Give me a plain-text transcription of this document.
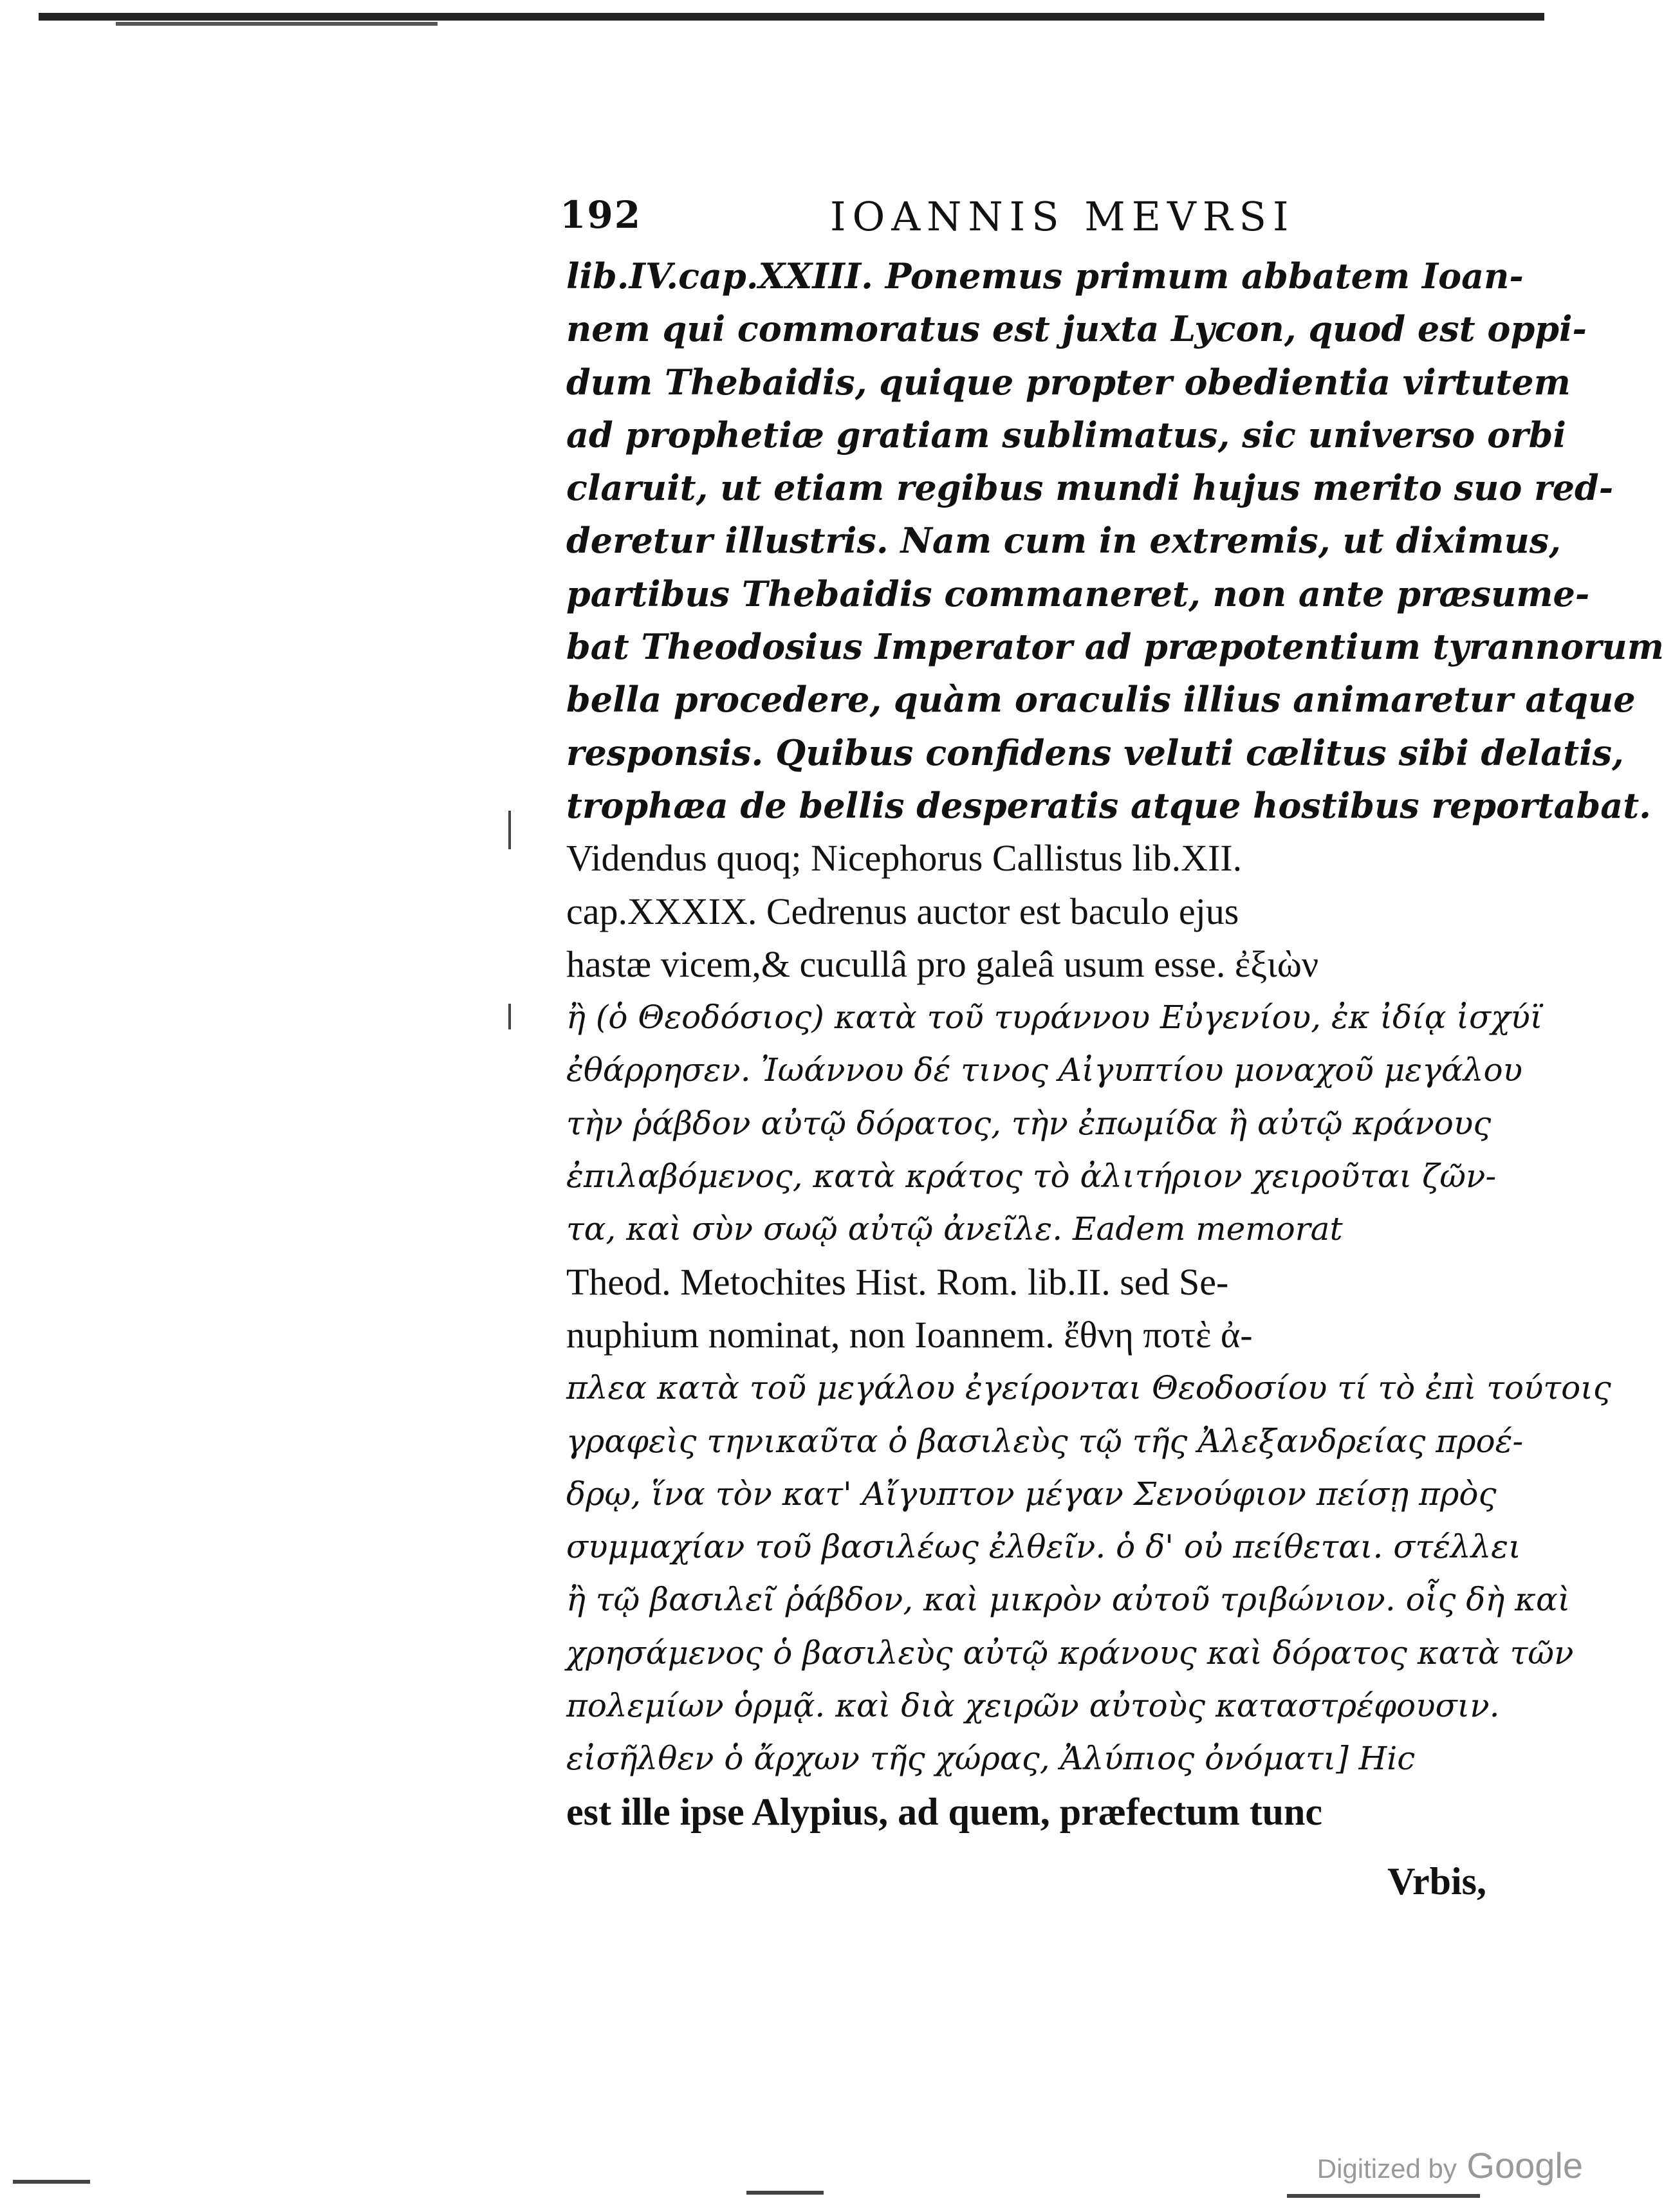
192	IOANNIS MEVRSI
lib.IV.cap.XXIII. Ponemus primum abbatem Ioan-
nem qui commoratus est juxta Lycon, quod est oppi-
dum Thebaidis, quique propter obedientia virtutem
ad prophetiæ gratiam sublimatus, sic universo orbi
claruit, ut etiam regibus mundi hujus merito suo red-
deretur illustris. Nam cum in extremis, ut diximus,
partibus Thebaidis commaneret, non ante præsume-
bat Theodosius Imperator ad præpotentium tyrannorum
bella procedere, quàm oraculis illius animaretur atque
responsis. Quibus confidens veluti cælitus sibi delatis,
trophæa de bellis desperatis atque hostibus reportabat.
Videndus quoq; Nicephorus Callistus lib.XII.
cap.XXXIX. Cedrenus auctor est baculo ejus
hastæ vicem,& cucullâ pro galeâ usum esse. ἐξιὼν
ἢ (ὁ Θεοδόσιος) κατὰ τοῦ τυράννου Εὐγενίου, ἐκ ἰδίᾳ ἰσχύϊ
ἐθάρρησεν. Ἰωάννου δέ τινος Αἰγυπτίου μοναχοῦ μεγάλου
τὴν ῥάβδον αὐτῷ δόρατος, τὴν ἐπωμίδα ἢ αὐτῷ κράνους
ἐπιλαβόμενος, κατὰ κράτος τὸ ἀλιτήριον χειροῦται ζῶν-
τα, καὶ σὺν σωῷ αὐτῷ ἀνεῖλε. Eadem memorat
Theod. Metochites Hist. Rom. lib.II. sed Se-
nuphium nominat, non Ioannem. ἔθνη ποτὲ ἀ-
πλεα κατὰ τοῦ μεγάλου ἐγείρονται Θεοδοσίου τί τὸ ἐπὶ τούτοις
γραφεὶς τηνικαῦτα ὁ βασιλεὺς τῷ τῆς Ἀλεξανδρείας προέ-
δρῳ, ἵνα τὸν κατ' Αἴγυπτον μέγαν Σενούφιον πείσῃ πρὸς
συμμαχίαν τοῦ βασιλέως ἐλθεῖν. ὁ δ' οὐ πείθεται. στέλλει
ἢ τῷ βασιλεῖ ῥάβδον, καὶ μικρὸν αὐτοῦ τριβώνιον. οἷς δὴ καὶ
χρησάμενος ὁ βασιλεὺς αὐτῷ κράνους καὶ δόρατος κατὰ τῶν
πολεμίων ὁρμᾷ. καὶ διὰ χειρῶν αὐτοὺς καταστρέφουσιν.
εἰσῆλθεν ὁ ἄρχων τῆς χώρας, Ἀλύπιος ὀνόματι] Hic
est ille ipse Alypius, ad quem, præfectum tunc
Vrbis,
Digitized by Google
